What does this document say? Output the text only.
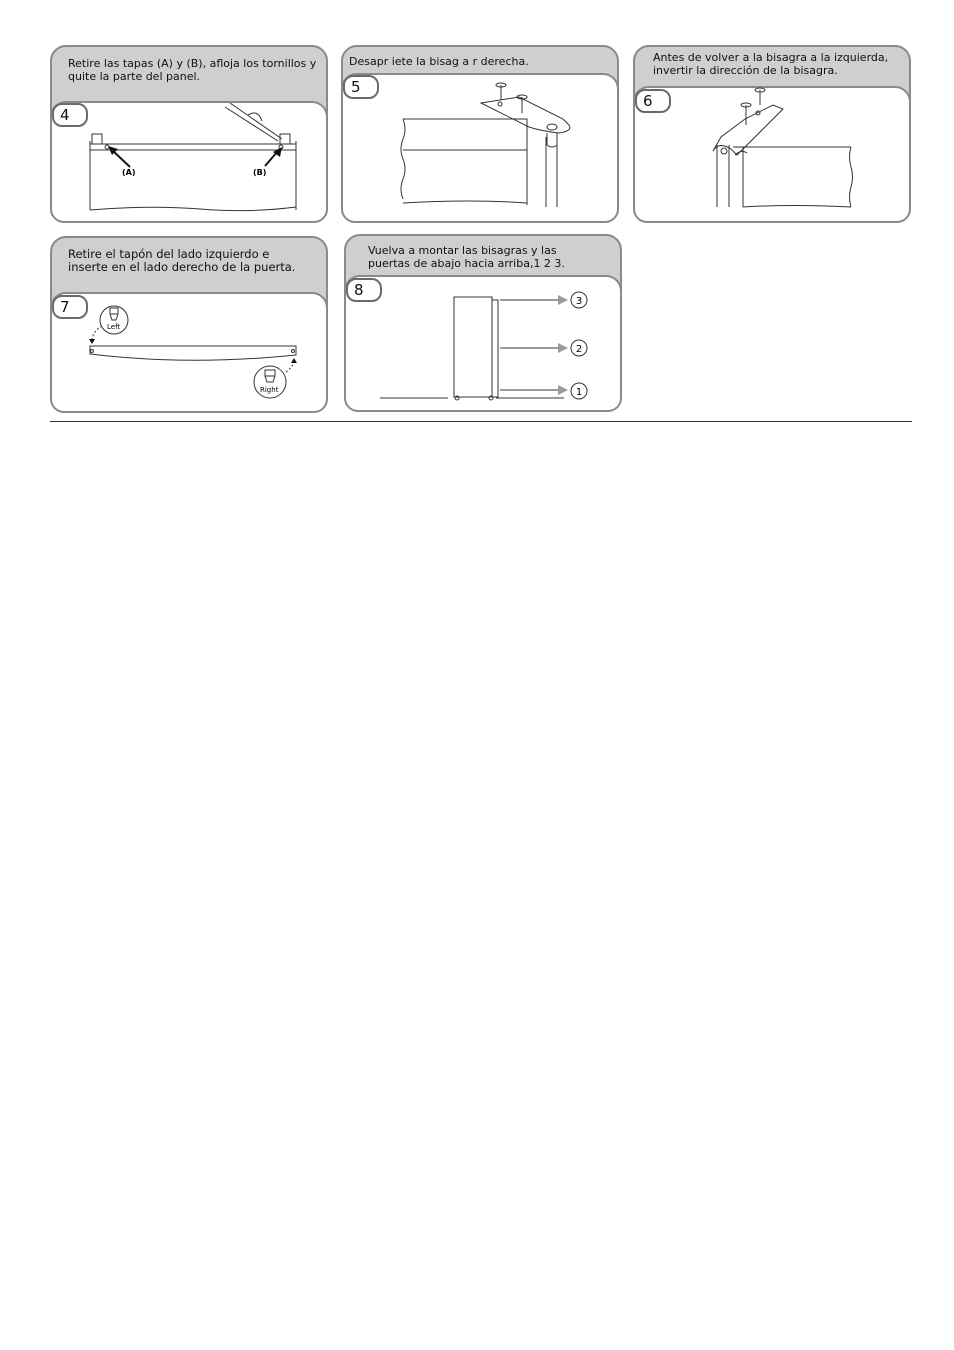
Retire las tapas (A) y (B), afloja los tornillos y
quite la parte del panel.
4
(A)	(B)
Desapr iete la bisag a r derecha.
5
Antes de volver a la bisagra a la izquierda,
invertir la dirección de la bisagra.
6
Retire el tapón del lado izquierdo e
inserte en el lado derecho de la puerta.
7
Left
Right
Vuelva a montar las bisagras y las
puertas de abajo hacia arriba,1 2 3.
8
3
2
1
